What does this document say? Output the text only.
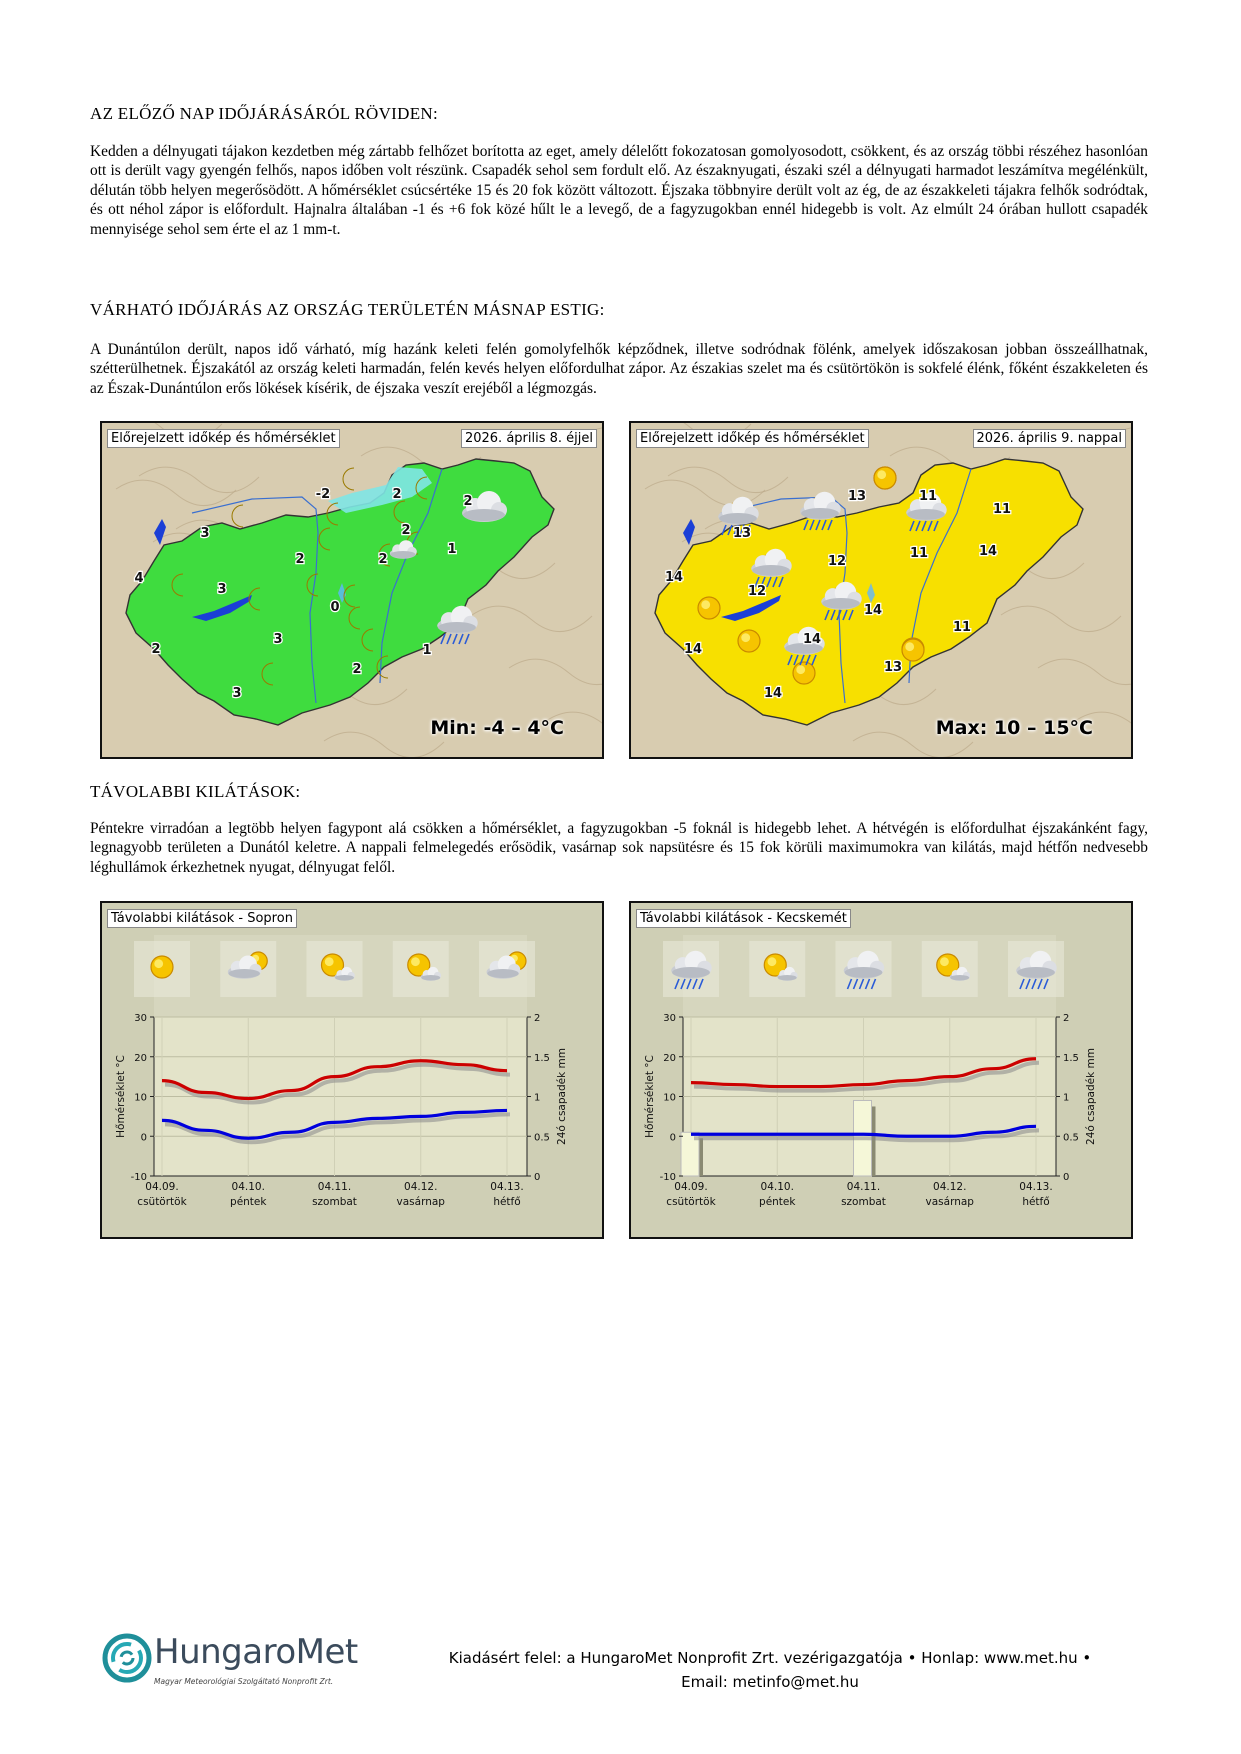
AZ ELŐZŐ NAP IDŐJÁRÁSÁRÓL RÖVIDEN:

Kedden a délnyugati tájakon kezdetben még zártabb felhőzet borította az eget, amely délelőtt fokozatosan gomolyosodott, csökkent, és az ország többi részéhez hasonlóan ott is derült vagy gyengén felhős, napos időben volt részünk. Csapadék sehol sem fordult elő. Az északnyugati, északi szél a délnyugati harmadot leszámítva megélénkült, délután több helyen megerősödött. A hőmérséklet csúcsértéke 15 és 20 fok között változott. Éjszaka többnyire derült volt az ég, de az északkeleti tájakra felhők sodródtak, és ott néhol zápor is előfordult. Hajnalra általában -1 és +6 fok közé hűlt le a levegő, de a fagyzugokban ennél hidegebb is volt. Az elmúlt 24 órában hullott csapadék mennyisége sehol sem érte el az 1 mm-t.

VÁRHATÓ IDŐJÁRÁS AZ ORSZÁG TERÜLETÉN MÁSNAP ESTIG:

A Dunántúlon derült, napos idő várható, míg hazánk keleti felén gomolyfelhők képződnek, illetve sodródnak fölénk, amelyek időszakosan jobban összeállhatnak, szétterülhetnek. Éjszakától az ország keleti harmadán, felén kevés helyen előfordulhat zápor. Az északias szelet ma és csütörtökön is sokfelé élénk, főként északkeleten és az Észak-Dunántúlon erős lökések kísérik, de éjszaka veszít erejéből a légmozgás.

-2	2	2
2
3
2	2
1
4
3
0
1
2
3
2
3
Előrejelzett időkép és hőmérséklet	2026. április 8. éjjel
Min: -4 – 4°C
13	11
11
13
14
12
11	14
12
14
11
14
14
13
14
Előrejelzett időkép és hőmérséklet	2026. április 9. nappal
Max: 10 – 15°C
TÁVOLABBI KILÁTÁSOK:

Péntekre virradóan a legtöbb helyen fagypont alá csökken a hőmérséklet, a fagyzugokban -5 foknál is hidegebb lehet. A hétvégén is előfordulhat éjszakánként fagy, legnagyobb területen a Dunától keletre. A nappali felmelegedés erősödik, vasárnap sok napsütésre és 15 fok körüli maximumokra van kilátás, majd hétfőn nedvesebb léghullámok érkezhetnek nyugat, délnyugat felől.

30
20
10
0
-10
2
1.5
1
0.5
0
Hőmérséklet °C	24ó csapadék mm
04.09.
csütörtök
04.10.
péntek
04.11.
szombat
04.12.
vasárnap
04.13.
hétfő
Távolabbi kilátások - Sopron
30
20
10
0
-10
2
1.5
1
0.5
0
Hőmérséklet °C	24ó csapadék mm
04.09.
csütörtök
04.10.
péntek
04.11.
szombat
04.12.
vasárnap
04.13.
hétfő
Távolabbi kilátások - Kecskemét
HungaroMet
Magyar Meteorológiai Szolgáltató Nonprofit Zrt.
Kiadásért felel: a HungaroMet Nonprofit Zrt. vezérigazgatója • Honlap: www.met.hu •
Email: metinfo@met.hu
